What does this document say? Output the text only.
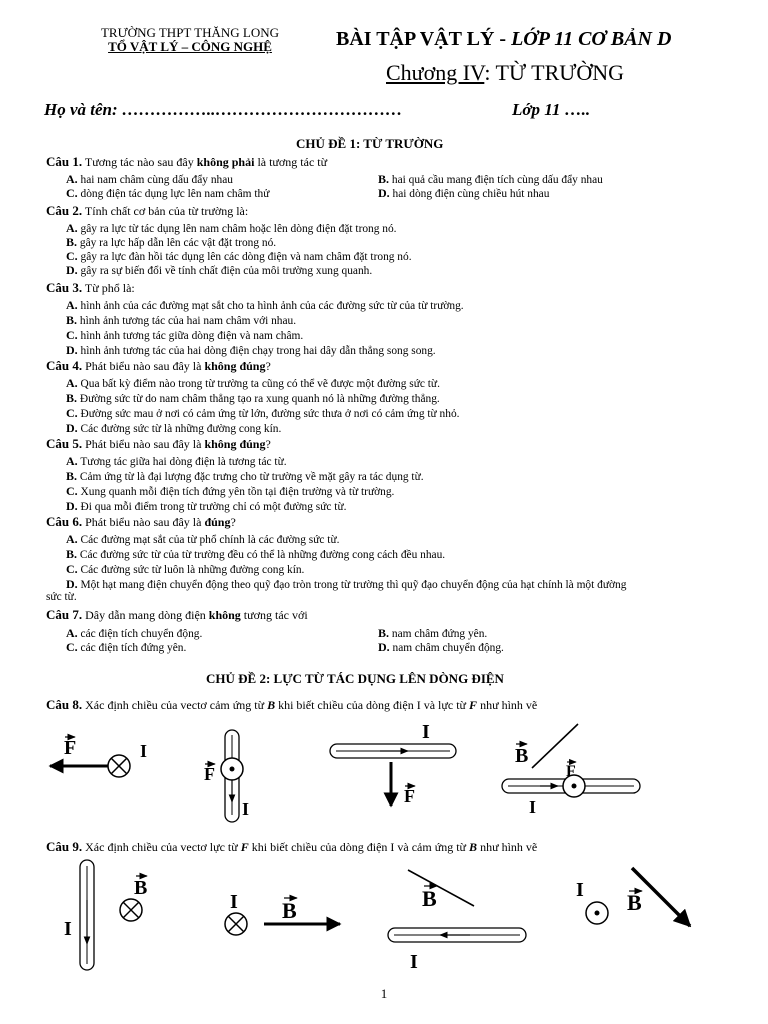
TRƯỜNG THPT THĂNG LONG
TỔ VẬT LÝ – CÔNG NGHỆ	BÀI TẬP VẬT LÝ - LỚP 11 CƠ BẢN D
Chương IV: TỪ TRƯỜNG
Họ và tên: ……………..……………………………	Lớp 11 …..
CHỦ ĐỀ 1: TỪ TRƯỜNG
Câu 1. Tương tác nào sau đây không phải là tương tác từ
A. hai nam châm cùng dấu đẩy nhau	B. hai quả cầu mang điện tích cùng dấu đẩy nhau
C. dòng điện tác dụng lực lên nam châm thử	D. hai dòng điện cùng chiều hút nhau
Câu 2. Tính chất cơ bản của từ trường là:
A. gây ra lực từ tác dụng lên nam châm hoặc lên dòng điện đặt trong nó.
B. gây ra lực hấp dẫn lên các vật đặt trong nó.
C. gây ra lực đàn hồi tác dụng lên các dòng điện và nam châm đặt trong nó.
D. gây ra sự biến đổi về tính chất điện của môi trường xung quanh.
Câu 3. Từ phổ là:
A. hình ảnh của các đường mạt sắt cho ta hình ảnh của các đường sức từ của từ trường.
B. hình ảnh tương tác của hai nam châm với nhau.
C. hình ảnh tương tác giữa dòng điện và nam châm.
D. hình ảnh tương tác của hai dòng điện chạy trong hai dây dẫn thẳng song song.
Câu 4. Phát biểu nào sau đây là không đúng?
A. Qua bất kỳ điểm nào trong từ trường ta cũng có thể vẽ được một đường sức từ.
B. Đường sức từ do nam châm thẳng tạo ra xung quanh nó là những đường thẳng.
C. Đường sức mau ở nơi có cảm ứng từ lớn, đường sức thưa ở nơi có cảm ứng từ nhỏ.
D. Các đường sức từ là những đường cong kín.
Câu 5. Phát biểu nào sau đây là không đúng?
A. Tương tác giữa hai dòng điện là tương tác từ.
B. Cảm ứng từ là đại lượng đặc trưng cho từ trường về mặt gây ra tác dụng từ.
C. Xung quanh mỗi điện tích đứng yên tồn tại điện trường và từ trường.
D. Đi qua mỗi điểm trong từ trường chỉ có một đường sức từ.
Câu 6. Phát biểu nào sau đây là đúng?
A. Các đường mạt sắt của từ phổ chính là các đường sức từ.
B. Các đường sức từ của từ trường đều có thể là những đường cong cách đều nhau.
C. Các đường sức từ luôn là những đường cong kín.
D. Một hạt mang điện chuyển động theo quỹ đạo tròn trong từ trường thì quỹ đạo chuyển động của hạt chính là một đường
sức từ.
Câu 7. Dây dẫn mang dòng điện không tương tác với
A. các điện tích chuyển động.	B. nam châm đứng yên.
C. các điện tích đứng yên.	D. nam châm chuyển động.
CHỦ ĐỀ 2: LỰC TỪ TÁC DỤNG LÊN DÒNG ĐIỆN
Câu 8. Xác định chiều của vectơ cảm ứng từ B khi biết chiều của dòng điện I và lực từ F như hình vẽ
F	I
F
I
I
F
B
F
I
I
B
I B	B
I
I B
Câu 9. Xác định chiều của vectơ lực từ F khi biết chiều của dòng điện I và cảm ứng từ B như hình vẽ
1
